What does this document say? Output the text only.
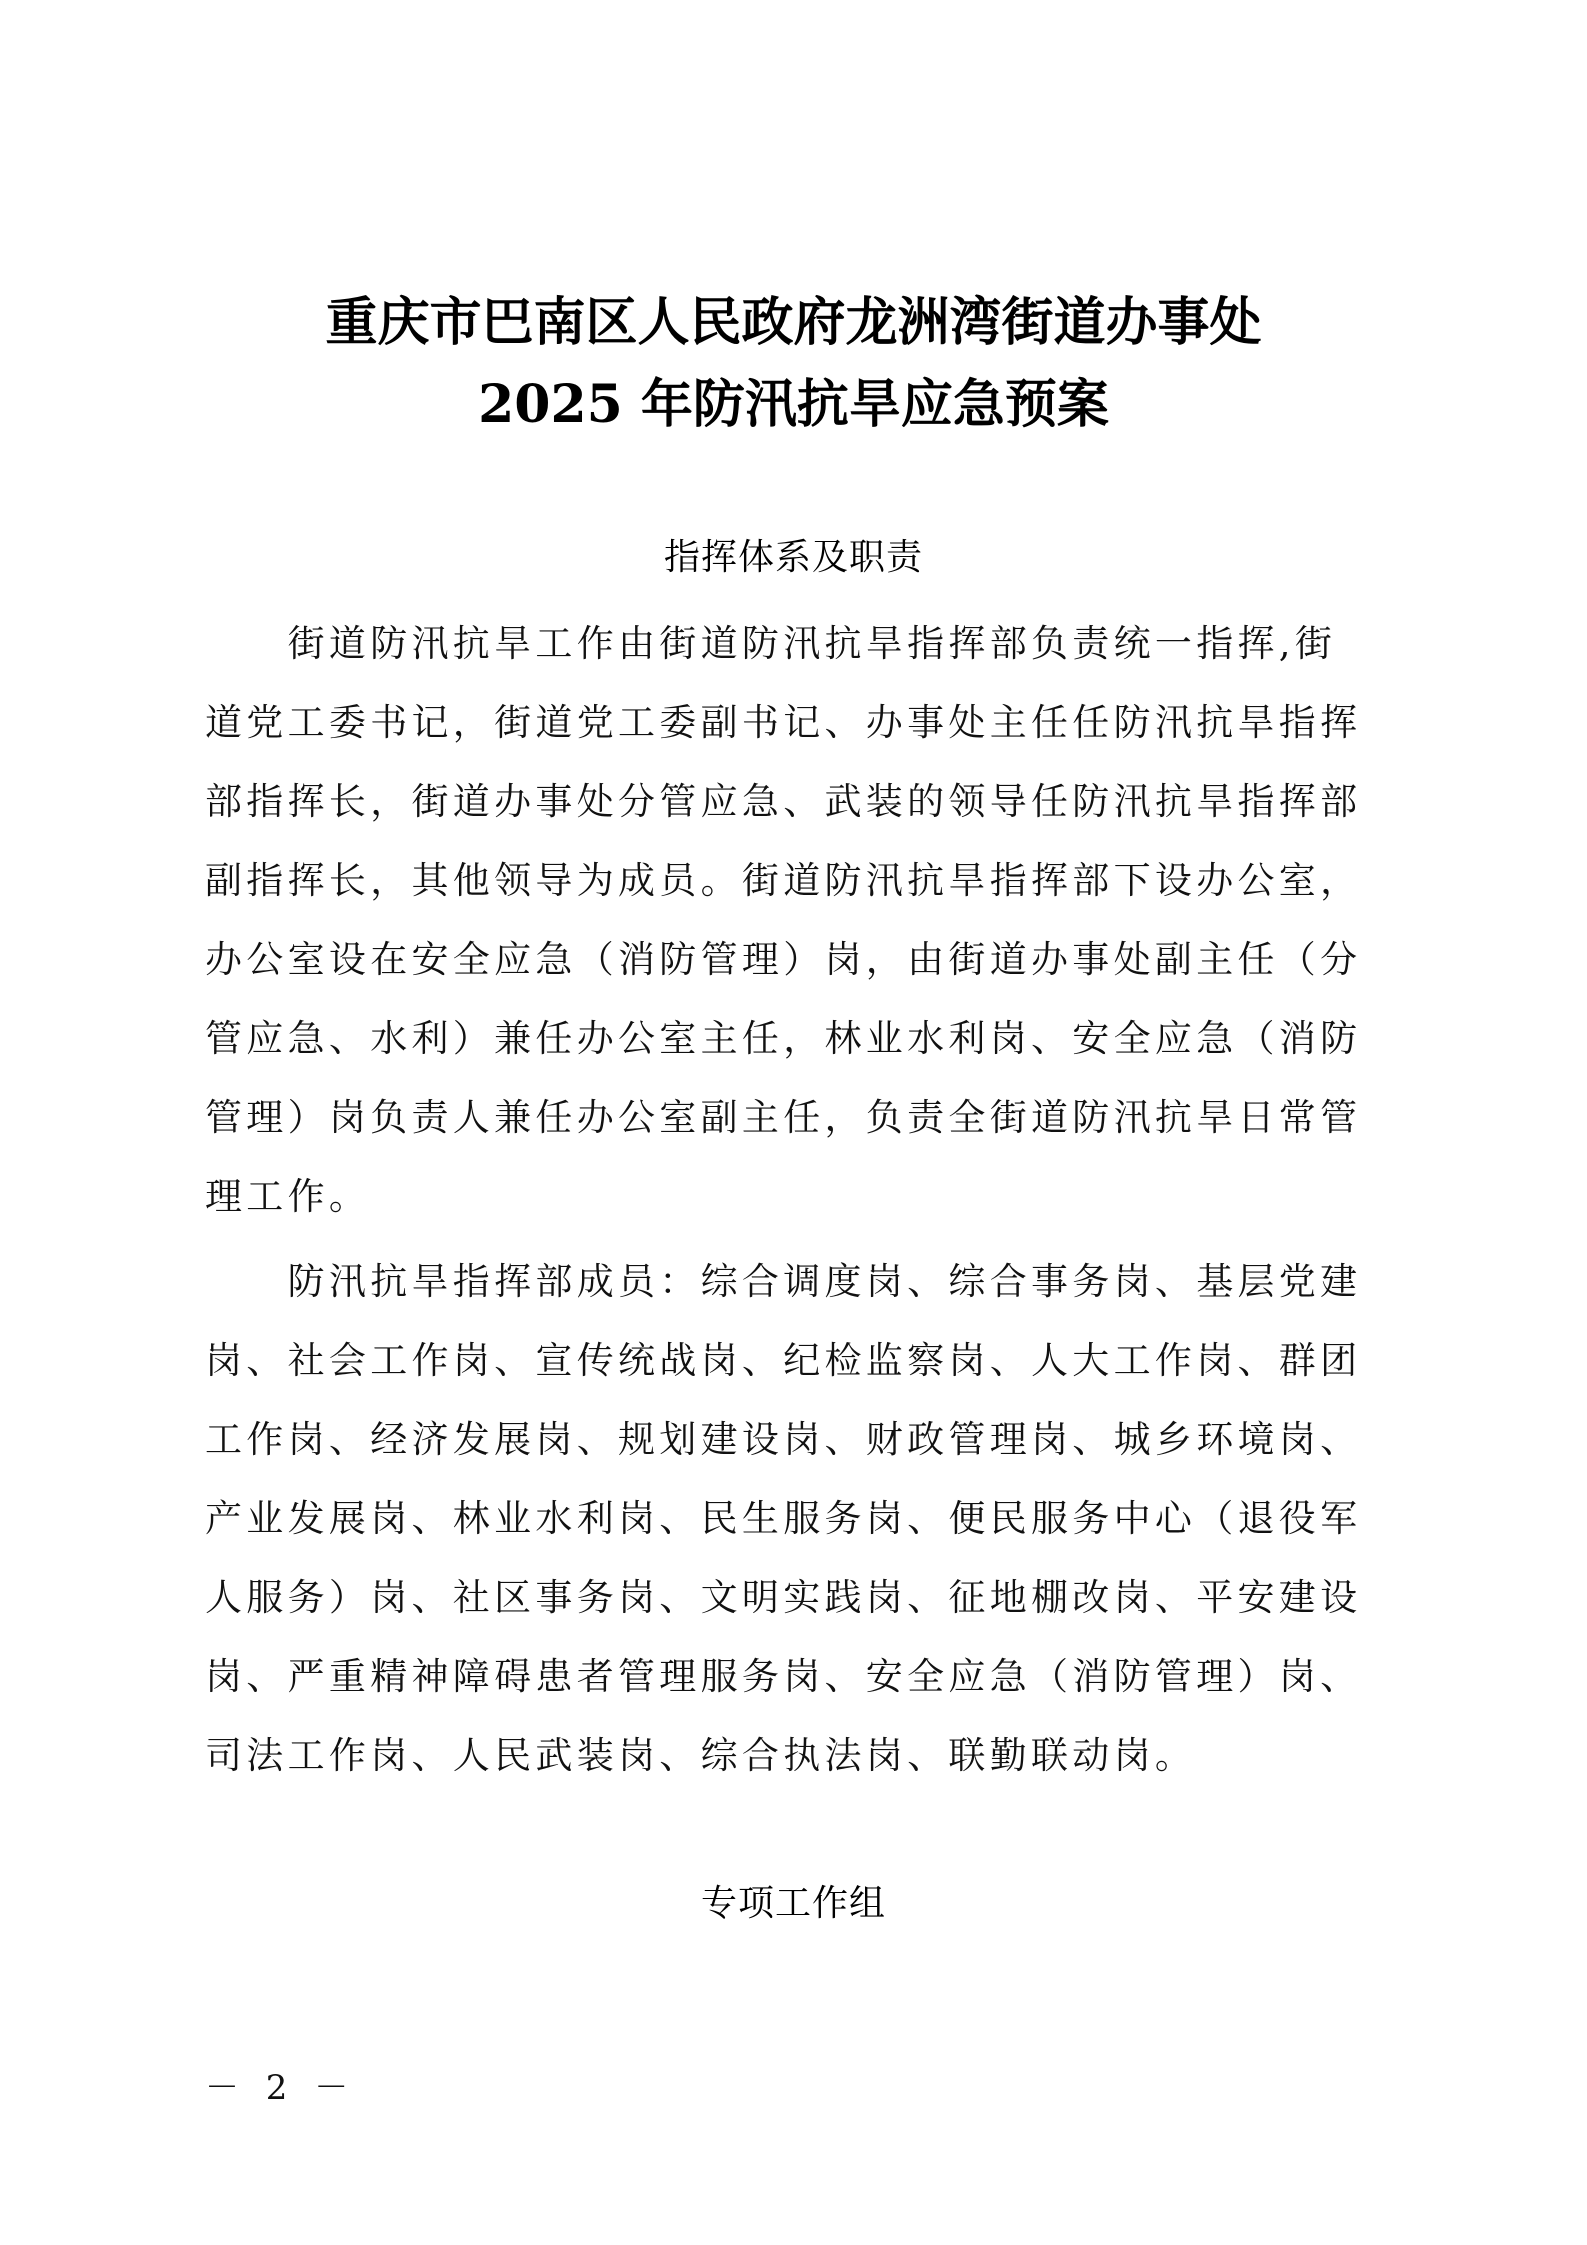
重庆市巴南区人民政府龙洲湾街道办事处
2025 年防汛抗旱应急预案
指挥体系及职责
　　街道防汛抗旱工作由街道防汛抗旱指挥部负责统一指挥,街
道党工委书记，街道党工委副书记、办事处主任任防汛抗旱指挥
部指挥长，街道办事处分管应急、武装的领导任防汛抗旱指挥部
副指挥长，其他领导为成员。街道防汛抗旱指挥部下设办公室，
办公室设在安全应急（消防管理）岗，由街道办事处副主任（分
管应急、水利）兼任办公室主任，林业水利岗、安全应急（消防
管理）岗负责人兼任办公室副主任，负责全街道防汛抗旱日常管
理工作。
　　防汛抗旱指挥部成员：综合调度岗、综合事务岗、基层党建
岗、社会工作岗、宣传统战岗、纪检监察岗、人大工作岗、群团
工作岗、经济发展岗、规划建设岗、财政管理岗、城乡环境岗、
产业发展岗、林业水利岗、民生服务岗、便民服务中心（退役军
人服务）岗、社区事务岗、文明实践岗、征地棚改岗、平安建设
岗、严重精神障碍患者管理服务岗、安全应急（消防管理）岗、
司法工作岗、人民武装岗、综合执法岗、联勤联动岗。
专项工作组
－ 2 －
